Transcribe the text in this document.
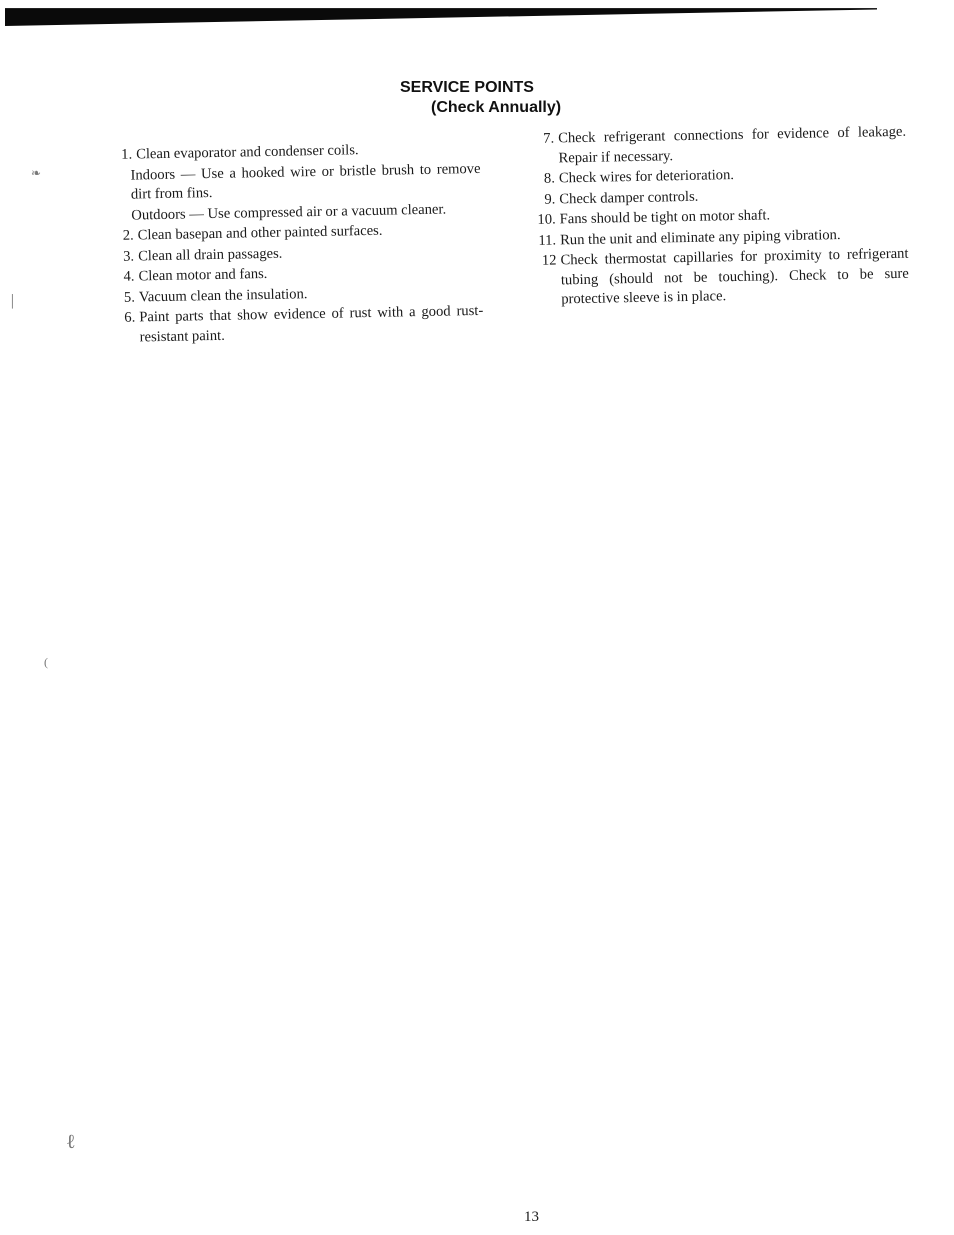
SERVICE POINTS
(Check Annually)
1. Clean evaporator and condenser coils.
Indoors — Use a hooked wire or bristle brush to remove dirt from fins.
Outdoors — Use compressed air or a vacuum cleaner.
2. Clean basepan and other painted surfaces.
3. Clean all drain passages.
4. Clean motor and fans.
5. Vacuum clean the insulation.
6. Paint parts that show evidence of rust with a good rust-resistant paint.
7. Check refrigerant connections for evidence of leakage. Repair if necessary.
8. Check wires for deterioration.
9. Check damper controls.
10. Fans should be tight on motor shaft.
11. Run the unit and eliminate any piping vibration.
12 Check thermostat capillaries for proximity to refrigerant tubing (should not be touching). Check to be sure protective sleeve is in place.
13
❧
│
(
ℓ
